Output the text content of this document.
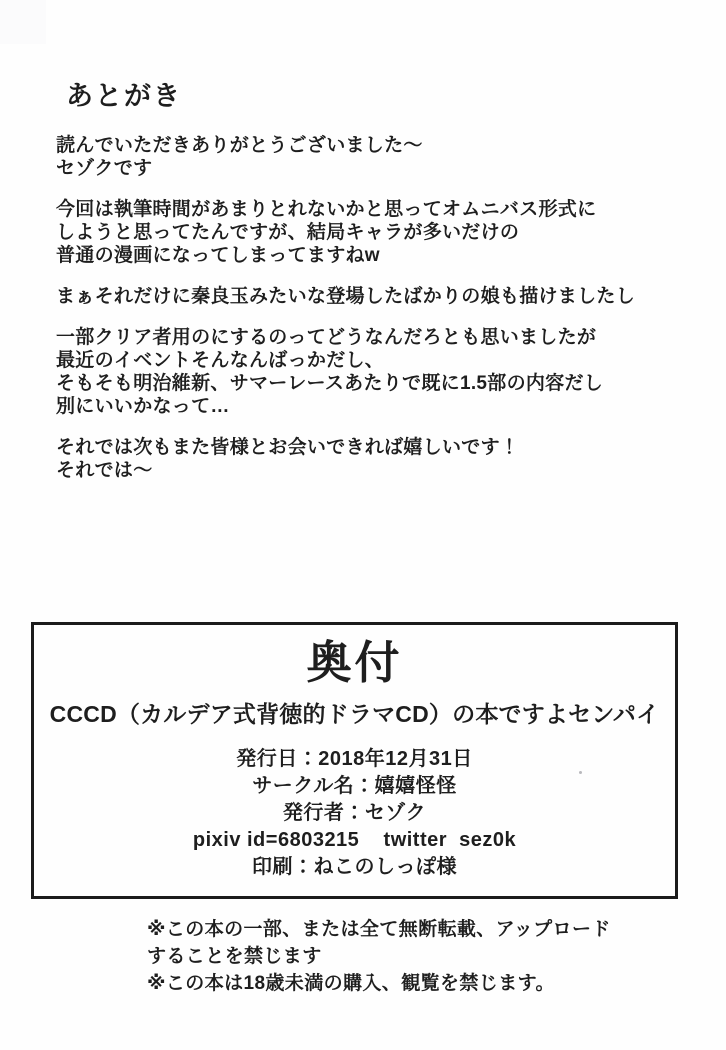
あとがき
読んでいただきありがとうございました～
セゾクです
今回は執筆時間があまりとれないかと思ってオムニバス形式に
しようと思ってたんですが、結局キャラが多いだけの
普通の漫画になってしまってますねw
まぁそれだけに秦良玉みたいな登場したばかりの娘も描けましたし
一部クリア者用のにするのってどうなんだろとも思いましたが
最近のイベントそんなんばっかだし、
そもそも明治維新、サマーレースあたりで既に1.5部の内容だし
別にいいかなって…
それでは次もまた皆様とお会いできれば嬉しいです！
それでは～
奥付
CCCD（カルデア式背徳的ドラマCD）の本ですよセンパイ
発行日：2018年12月31日
サークル名：嬉嬉怪怪
発行者：セゾク
pixiv id=6803215    twitter  sez0k
印刷：ねこのしっぽ様
※この本の一部、または全て無断転載、アップロード
することを禁じます
※この本は18歳未満の購入、観覧を禁じます。
